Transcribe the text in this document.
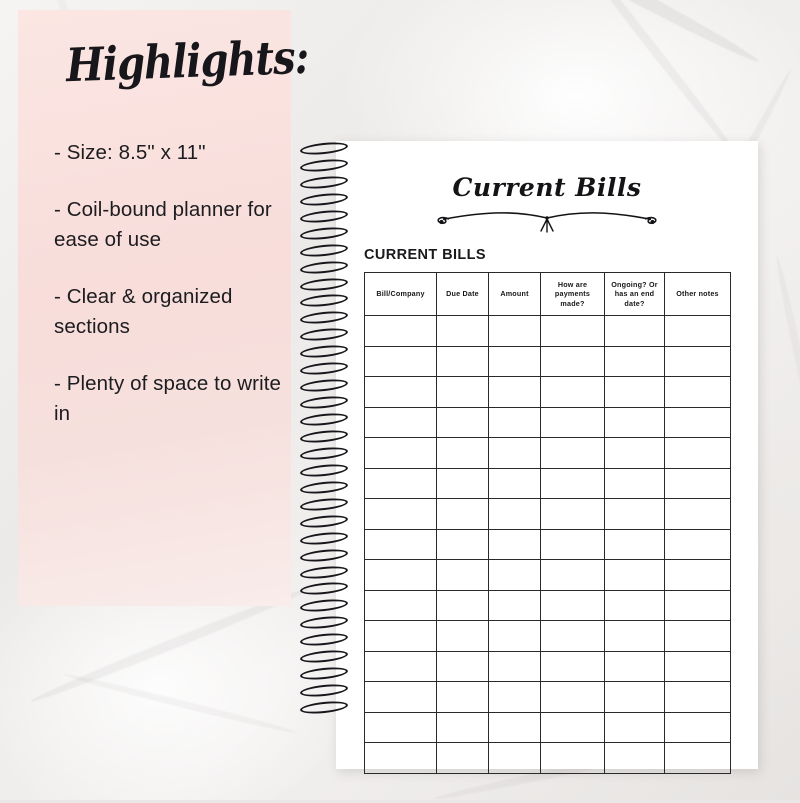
Highlights:
- Size: 8.5" x 11"
- Coil-bound planner for ease of use
- Clear & organized sections
- Plenty of space to write in
Current Bills
CURRENT BILLS
Bill/Company	Due Date	Amount	How are payments made?	Ongoing? Or has an end date?	Other notes
